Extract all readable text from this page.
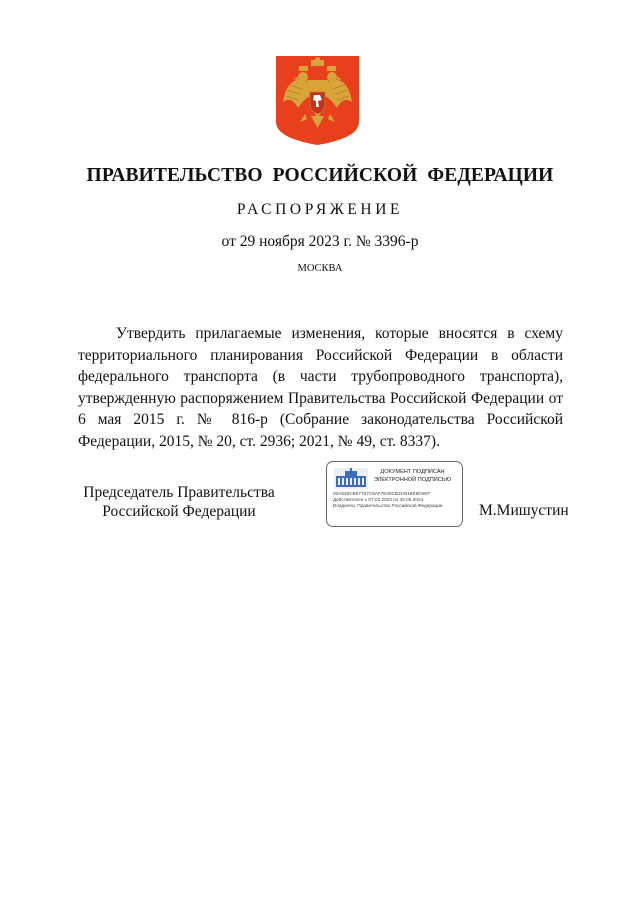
ПРАВИТЕЛЬСТВО РОССИЙСКОЙ ФЕДЕРАЦИИ
РАСПОРЯЖЕНИЕ
от 29 ноября 2023 г. № 3396-р
МОСКВА

Утвердить прилагаемые изменения, которые вносятся в схему территориального планирования Российской Федерации в области федерального транспорта (в части трубопроводного транспорта), утвержденную распоряжением Правительства Российской Федерации от 6 мая 2015 г. № 816-р (Собрание законодательства Российской Федерации, 2015, № 20, ст. 2936; 2021, № 49, ст. 8337).

Председатель Правительства
Российской Федерации
ДОКУМЕНТ ПОДПИСАН
ЭЛЕКТРОННОЙ ПОДПИСЬЮ
00A549CB07767C9AF7E29CB2CB18E9D2EF
Действителен с 07.03.2023 по 30.05.2024
Владелец: Правительство Российской Федерации	М.Мишустин
